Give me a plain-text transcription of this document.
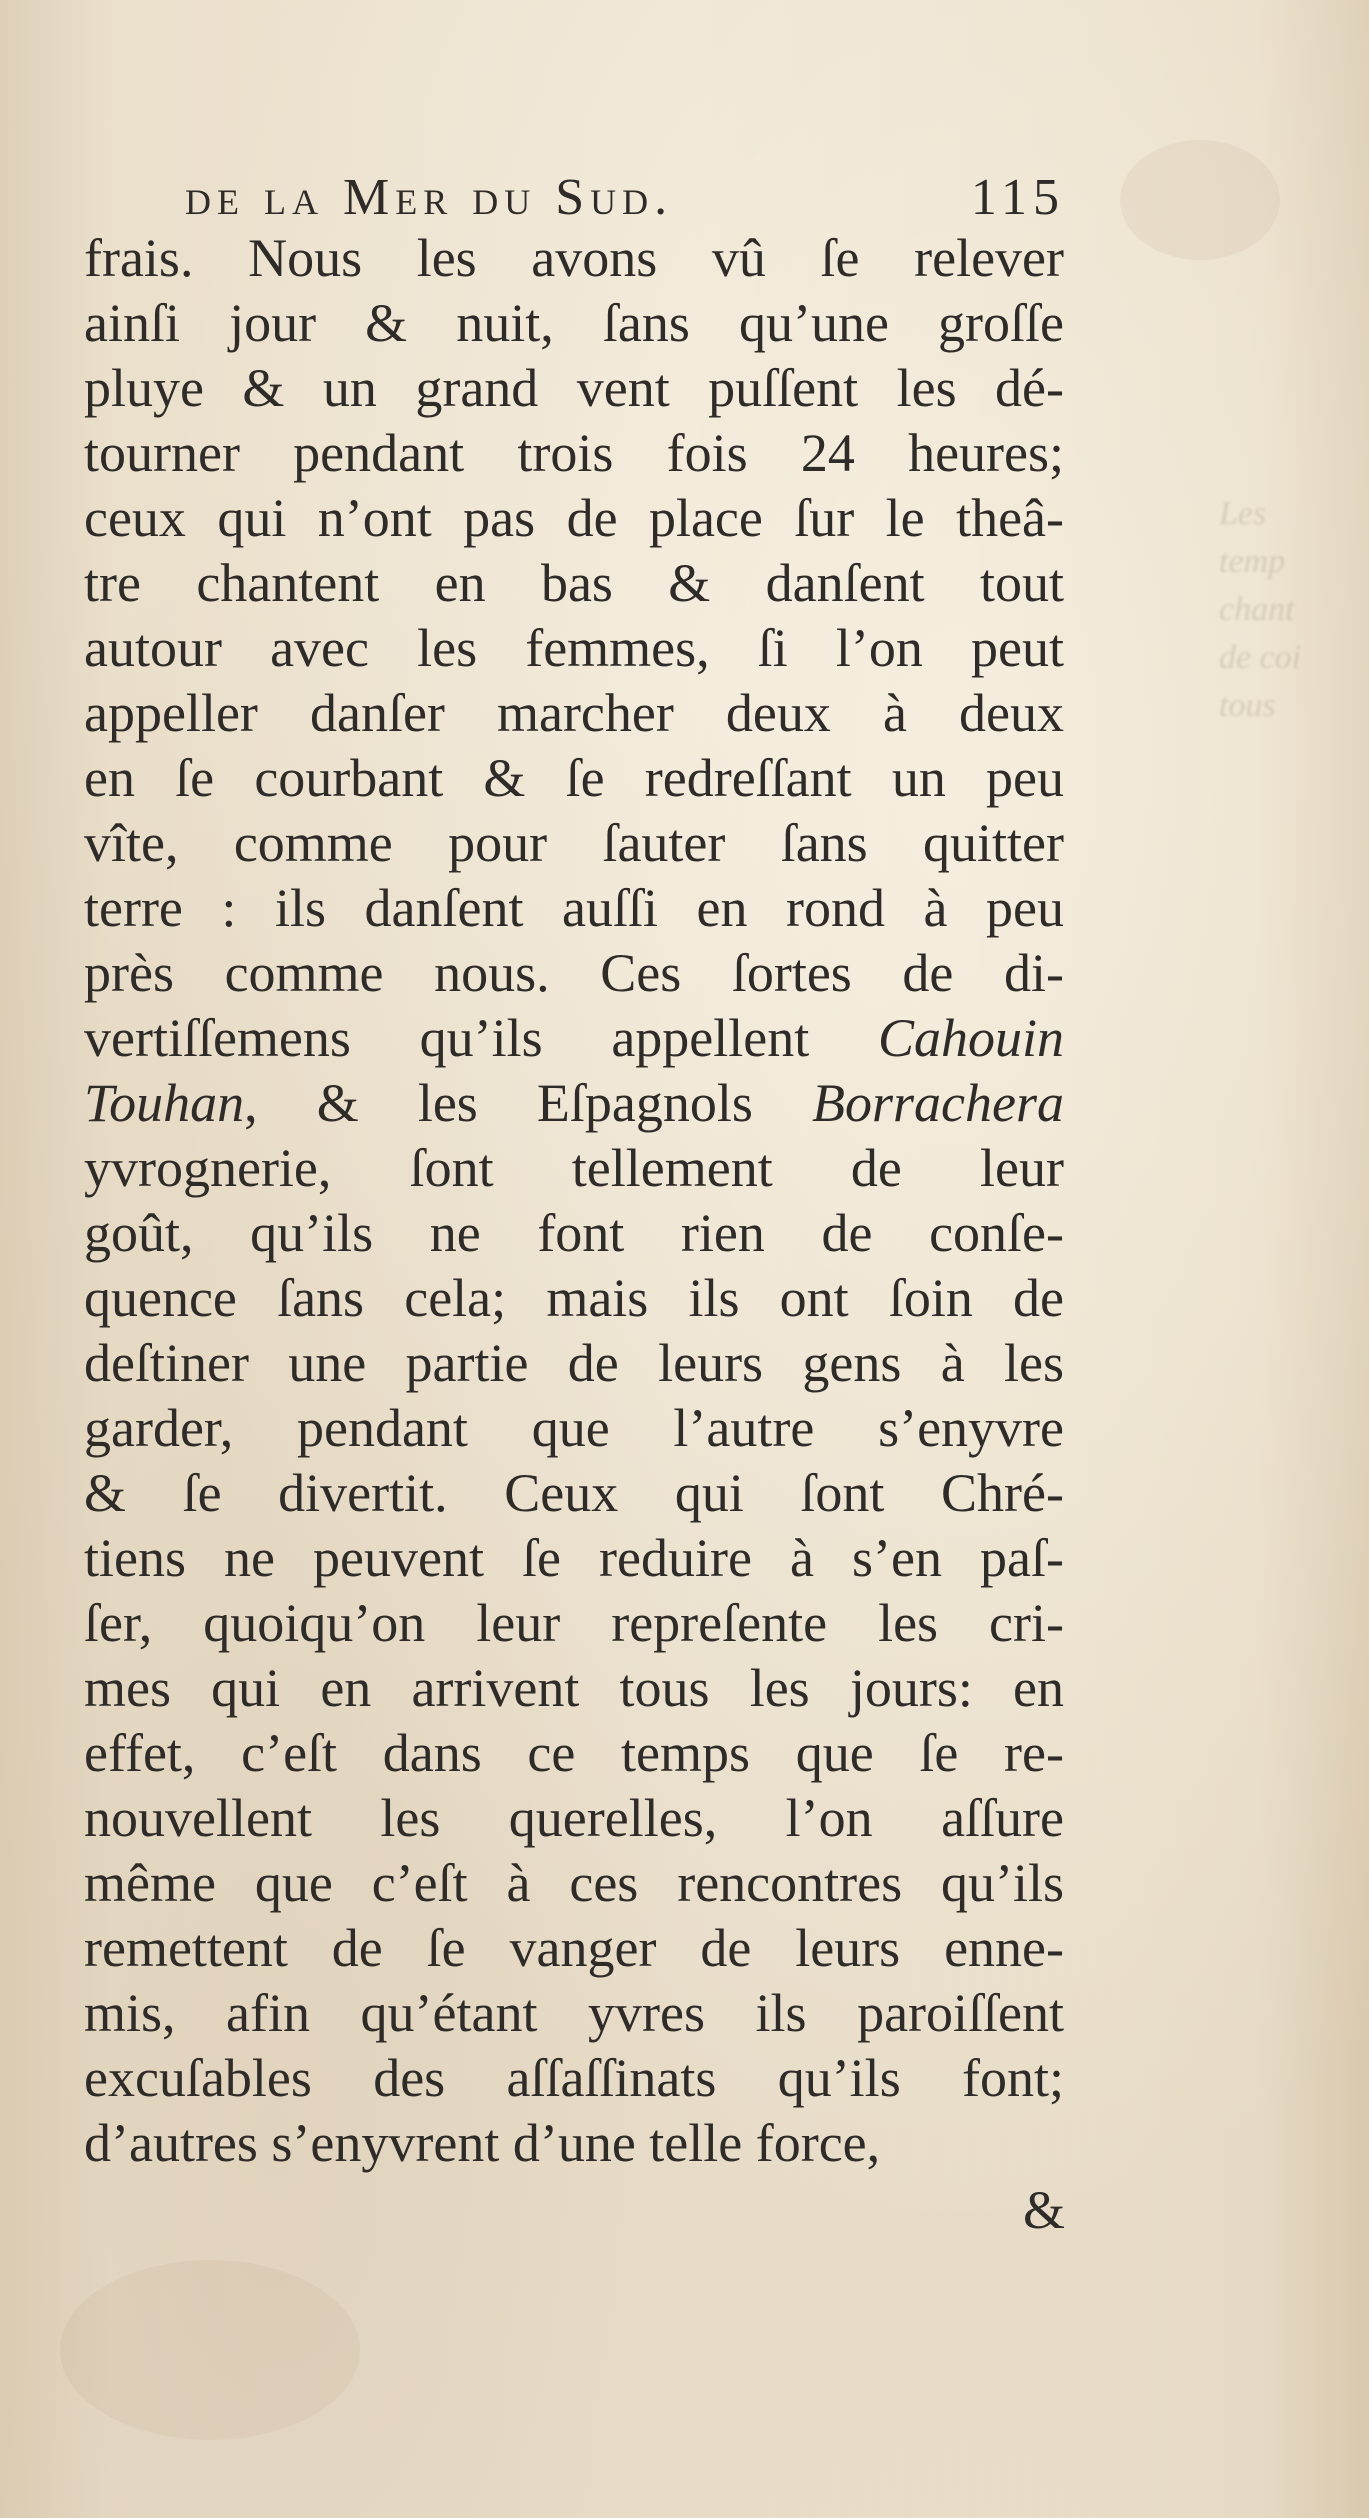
Les
temp
chant
de coi
tous
de la Mer du Sud.	115
frais. Nous les avons vû ſe relever
ainſi jour & nuit, ſans qu’une groſſe
pluye & un grand vent puſſent les dé-
tourner pendant trois fois 24 heures;
ceux qui n’ont pas de place ſur le theâ-
tre chantent en bas & danſent tout
autour avec les femmes, ſi l’on peut
appeller danſer marcher deux à deux
en ſe courbant & ſe redreſſant un peu
vîte, comme pour ſauter ſans quitter
terre : ils danſent auſſi en rond à peu
près comme nous. Ces ſortes de di-
vertiſſemens qu’ils appellent Cahouin
Touhan, & les Eſpagnols Borrachera
yvrognerie, ſont tellement de leur
goût, qu’ils ne font rien de conſe-
quence ſans cela; mais ils ont ſoin de
deſtiner une partie de leurs gens à les
garder, pendant que l’autre s’enyvre
& ſe divertit. Ceux qui ſont Chré-
tiens ne peuvent ſe reduire à s’en paſ-
ſer, quoiqu’on leur repreſente les cri-
mes qui en arrivent tous les jours: en
effet, c’eſt dans ce temps que ſe re-
nouvellent les querelles, l’on aſſure
même que c’eſt à ces rencontres qu’ils
remettent de ſe vanger de leurs enne-
mis, afin qu’étant yvres ils paroiſſent
excuſables des aſſaſſinats qu’ils font;
d’autres s’enyvrent d’une telle force,
&
